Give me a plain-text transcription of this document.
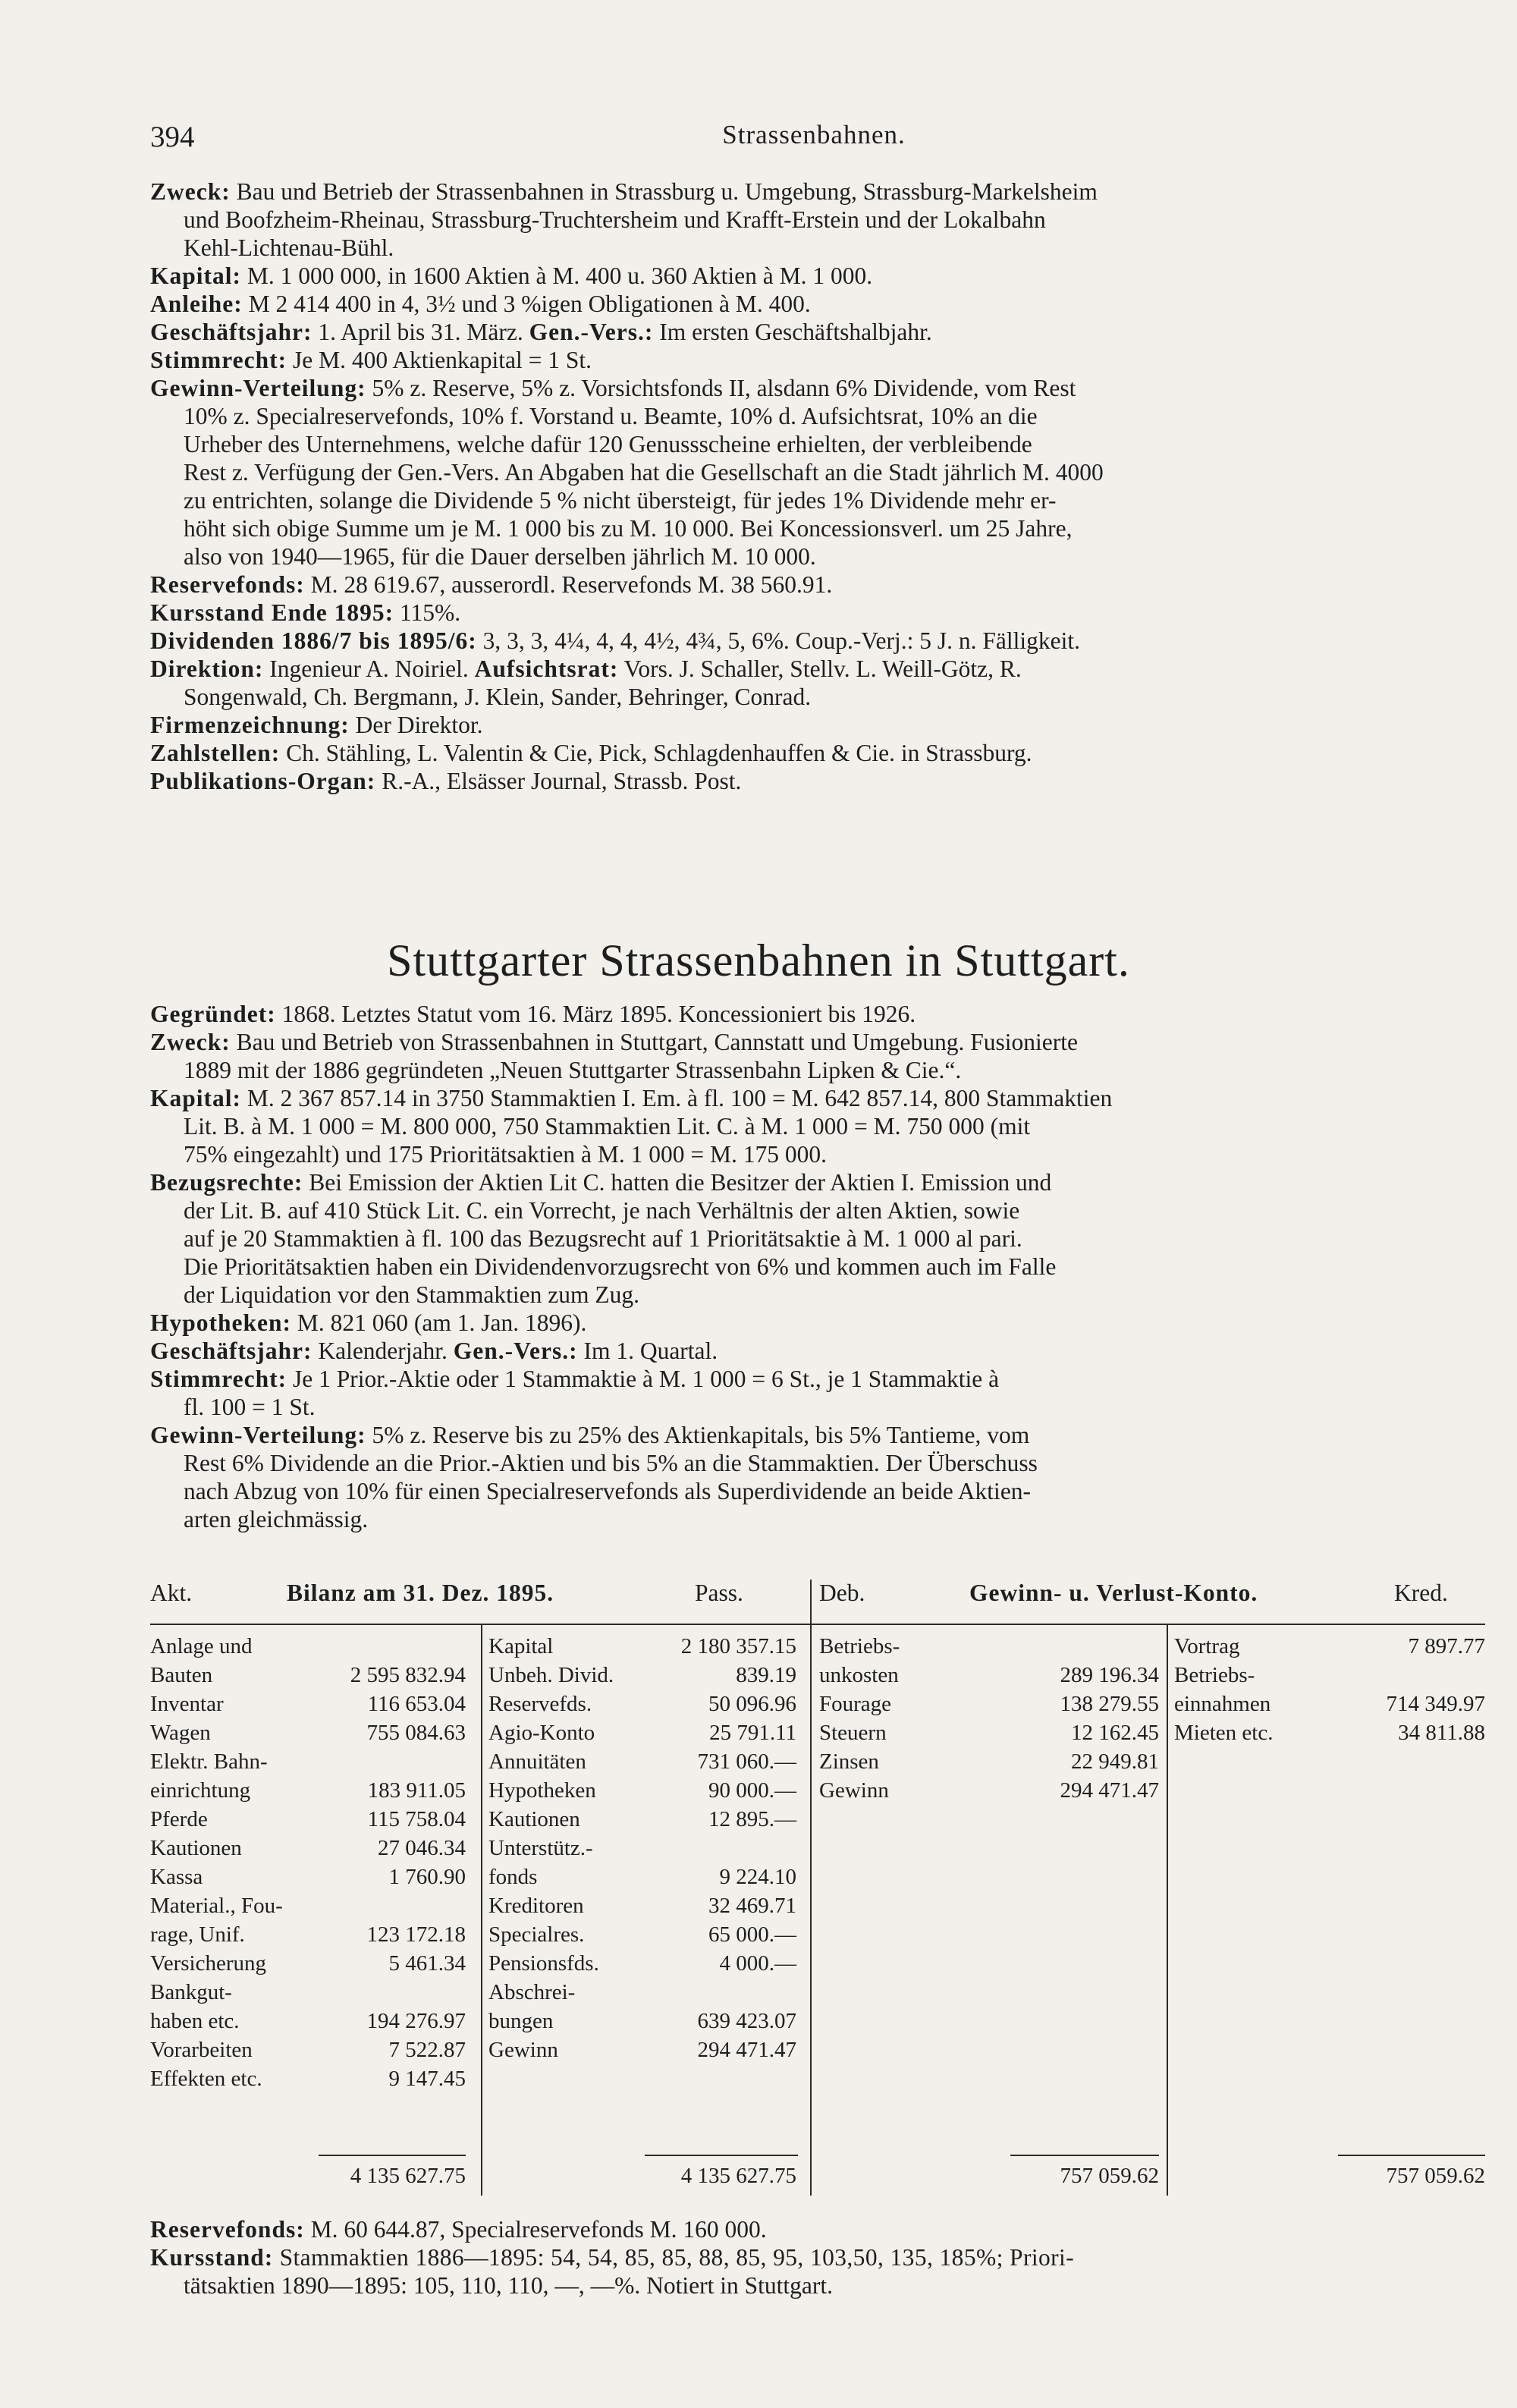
394	Strassenbahnen.
Zweck: Bau und Betrieb der Strassenbahnen in Strassburg u. Umgebung, Strassburg-Markelsheim
und Boofzheim-Rheinau, Strassburg-Truchtersheim und Krafft-Erstein und der Lokalbahn
Kehl-Lichtenau-Bühl.
Kapital: M. 1 000 000, in 1600 Aktien à M. 400 u. 360 Aktien à M. 1 000.
Anleihe: M 2 414 400 in 4, 3½ und 3 %igen Obligationen à M. 400.
Geschäftsjahr: 1. April bis 31. März. Gen.-Vers.: Im ersten Geschäftshalbjahr.
Stimmrecht: Je M. 400 Aktienkapital = 1 St.
Gewinn-Verteilung: 5% z. Reserve, 5% z. Vorsichtsfonds II, alsdann 6% Dividende, vom Rest
10% z. Specialreservefonds, 10% f. Vorstand u. Beamte, 10% d. Aufsichtsrat, 10% an die
Urheber des Unternehmens, welche dafür 120 Genussscheine erhielten, der verbleibende
Rest z. Verfügung der Gen.-Vers. An Abgaben hat die Gesellschaft an die Stadt jährlich M. 4000
zu entrichten, solange die Dividende 5 % nicht übersteigt, für jedes 1% Dividende mehr er-
höht sich obige Summe um je M. 1 000 bis zu M. 10 000. Bei Koncessionsverl. um 25 Jahre,
also von 1940—1965, für die Dauer derselben jährlich M. 10 000.
Reservefonds: M. 28 619.67, ausserordl. Reservefonds M. 38 560.91.
Kursstand Ende 1895: 115%.
Dividenden 1886/7 bis 1895/6: 3, 3, 3, 4¼, 4, 4, 4½, 4¾, 5, 6%. Coup.-Verj.: 5 J. n. Fälligkeit.
Direktion: Ingenieur A. Noiriel. Aufsichtsrat: Vors. J. Schaller, Stellv. L. Weill-Götz, R.
Songenwald, Ch. Bergmann, J. Klein, Sander, Behringer, Conrad.
Firmenzeichnung: Der Direktor.
Zahlstellen: Ch. Stähling, L. Valentin & Cie, Pick, Schlagdenhauffen & Cie. in Strassburg.
Publikations-Organ: R.-A., Elsässer Journal, Strassb. Post.
Stuttgarter Strassenbahnen in Stuttgart.
Gegründet: 1868. Letztes Statut vom 16. März 1895. Koncessioniert bis 1926.
Zweck: Bau und Betrieb von Strassenbahnen in Stuttgart, Cannstatt und Umgebung. Fusionierte
1889 mit der 1886 gegründeten „Neuen Stuttgarter Strassenbahn Lipken & Cie.“.
Kapital: M. 2 367 857.14 in 3750 Stammaktien I. Em. à fl. 100 = M. 642 857.14, 800 Stammaktien
Lit. B. à M. 1 000 = M. 800 000, 750 Stammaktien Lit. C. à M. 1 000 = M. 750 000 (mit
75% eingezahlt) und 175 Prioritätsaktien à M. 1 000 = M. 175 000.
Bezugsrechte: Bei Emission der Aktien Lit C. hatten die Besitzer der Aktien I. Emission und
der Lit. B. auf 410 Stück Lit. C. ein Vorrecht, je nach Verhältnis der alten Aktien, sowie
auf je 20 Stammaktien à fl. 100 das Bezugsrecht auf 1 Prioritätsaktie à M. 1 000 al pari.
Die Prioritätsaktien haben ein Dividendenvorzugsrecht von 6% und kommen auch im Falle
der Liquidation vor den Stammaktien zum Zug.
Hypotheken: M. 821 060 (am 1. Jan. 1896).
Geschäftsjahr: Kalenderjahr. Gen.-Vers.: Im 1. Quartal.
Stimmrecht: Je 1 Prior.-Aktie oder 1 Stammaktie à M. 1 000 = 6 St., je 1 Stammaktie à
fl. 100 = 1 St.
Gewinn-Verteilung: 5% z. Reserve bis zu 25% des Aktienkapitals, bis 5% Tantieme, vom
Rest 6% Dividende an die Prior.-Aktien und bis 5% an die Stammaktien. Der Überschuss
nach Abzug von 10% für einen Specialreservefonds als Superdividende an beide Aktien-
arten gleichmässig.
Akt.	Bilanz am 31. Dez. 1895.	Pass.	Deb.	Gewinn- u. Verlust-Konto.	Kred.
Anlage und
Bauten	2 595 832.94
Inventar	116 653.04
Wagen	755 084.63
Elektr. Bahn-
einrichtung	183 911.05
Pferde	115 758.04
Kautionen	27 046.34
Kassa	1 760.90
Material., Fou-
rage, Unif.	123 172.18
Versicherung	5 461.34
Bankgut-
haben etc.	194 276.97
Vorarbeiten	7 522.87
Effekten etc.	9 147.45
Kapital	2 180 357.15
Unbeh. Divid.	839.19
Reservefds.	50 096.96
Agio-Konto	25 791.11
Annuitäten	731 060.—
Hypotheken	90 000.—
Kautionen	12 895.—
Unterstütz.-
fonds	9 224.10
Kreditoren	32 469.71
Specialres.	65 000.—
Pensionsfds.	4 000.—
Abschrei-
bungen	639 423.07
Gewinn	294 471.47
Betriebs-
unkosten	289 196.34
Fourage	138 279.55
Steuern	12 162.45
Zinsen	22 949.81
Gewinn	294 471.47
Vortrag	7 897.77
Betriebs-
einnahmen	714 349.97
Mieten etc.	34 811.88
4 135 627.75	4 135 627.75	757 059.62	757 059.62
Reservefonds: M. 60 644.87, Specialreservefonds M. 160 000.
Kursstand: Stammaktien 1886—1895: 54, 54, 85, 85, 88, 85, 95, 103,50, 135, 185%; Priori-
tätsaktien 1890—1895: 105, 110, 110, —, —%. Notiert in Stuttgart.
